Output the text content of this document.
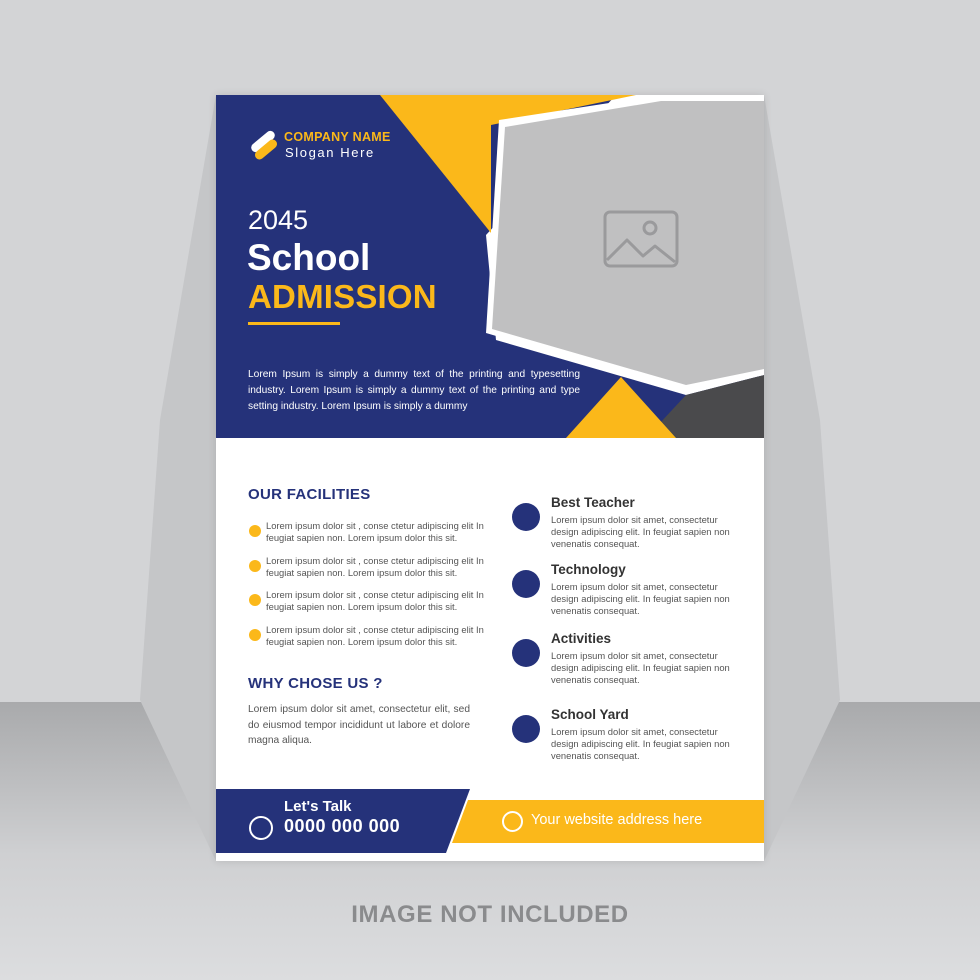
COMPANY NAME

Slogan Here

2045

School

ADMISSION

Lorem Ipsum is simply a dummy text of the printing and typesetting industry. Lorem Ipsum is simply a dummy text of the printing and type setting industry. Lorem Ipsum is simply a dummy

OUR FACILITIES

Lorem ipsum dolor sit , conse ctetur adipiscing elit In feugiat sapien non. Lorem ipsum dolor this sit.
Lorem ipsum dolor sit , conse ctetur adipiscing elit In feugiat sapien non. Lorem ipsum dolor this sit.
Lorem ipsum dolor sit , conse ctetur adipiscing elit In feugiat sapien non. Lorem ipsum dolor this sit.
Lorem ipsum dolor sit , conse ctetur adipiscing elit In feugiat sapien non. Lorem ipsum dolor this sit.

WHY CHOSE US ?

Lorem ipsum dolor sit amet, consectetur elit, sed do eiusmod tempor incididunt ut labore et dolore magna aliqua.

Best Teacher
Lorem ipsum dolor sit amet, consectetur design adipiscing elit. In feugiat sapien non venenatis consequat.
Technology
Lorem ipsum dolor sit amet, consectetur design adipiscing elit. In feugiat sapien non venenatis consequat.
Activities
Lorem ipsum dolor sit amet, consectetur design adipiscing elit. In feugiat sapien non venenatis consequat.
School Yard
Lorem ipsum dolor sit amet, consectetur design adipiscing elit. In feugiat sapien non venenatis consequat.

Let's Talk

0000 000 000	Your website address here

IMAGE NOT INCLUDED
